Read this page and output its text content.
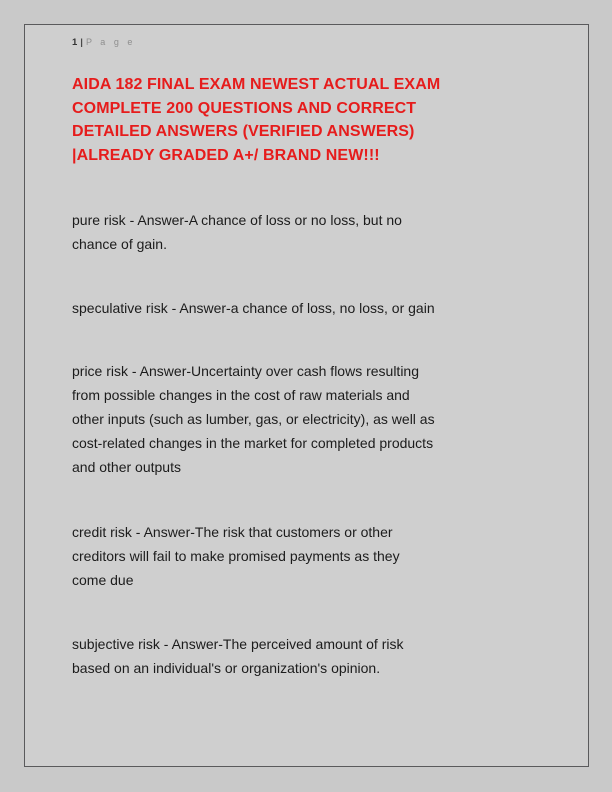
1 | P a g e
AIDA 182 FINAL EXAM NEWEST ACTUAL EXAM
COMPLETE 200 QUESTIONS AND CORRECT
DETAILED ANSWERS (VERIFIED ANSWERS)
|ALREADY GRADED A+/ BRAND NEW!!!
pure risk - Answer-A chance of loss or no loss, but no
chance of gain.
speculative risk - Answer-a chance of loss, no loss, or gain
price risk - Answer-Uncertainty over cash flows resulting
from possible changes in the cost of raw materials and
other inputs (such as lumber, gas, or electricity), as well as
cost-related changes in the market for completed products
and other outputs
credit risk - Answer-The risk that customers or other
creditors will fail to make promised payments as they
come due
subjective risk - Answer-The perceived amount of risk
based on an individual's or organization's opinion.
